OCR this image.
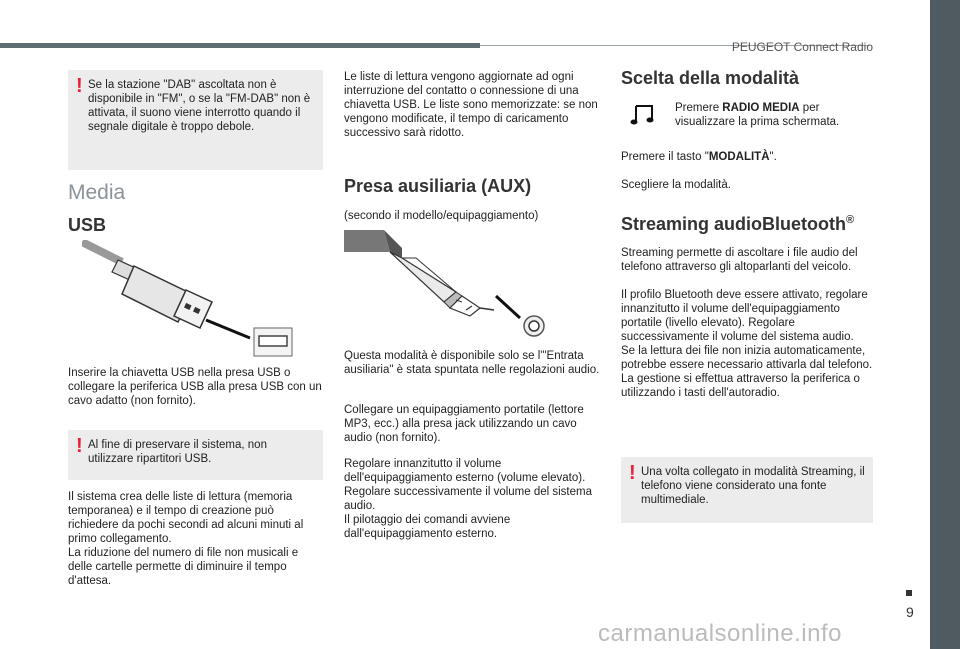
PEUGEOT Connect Radio
! Se la stazione "DAB" ascoltata non è disponibile in "FM", o se la "FM-DAB" non è attivata, il suono viene interrotto quando il segnale digitale è troppo debole.
Media
USB
Inserire la chiavetta USB nella presa USB o collegare la periferica USB alla presa USB con un cavo adatto (non fornito).
! Al fine di preservare il sistema, non utilizzare ripartitori USB.
Il sistema crea delle liste di lettura (memoria temporanea) e il tempo di creazione può richiedere da pochi secondi ad alcuni minuti al primo collegamento.
La riduzione del numero di file non musicali e delle cartelle permette di diminuire il tempo d'attesa.
Le liste di lettura vengono aggiornate ad ogni interruzione del contatto o connessione di una chiavetta USB. Le liste sono memorizzate: se non vengono modificate, il tempo di caricamento successivo sarà ridotto.
Presa ausiliaria (AUX)
(secondo il modello/equipaggiamento)
Questa modalità è disponibile solo se l'"Entrata ausiliaria" è stata spuntata nelle regolazioni audio.
Collegare un equipaggiamento portatile (lettore MP3, ecc.) alla presa jack utilizzando un cavo audio (non fornito).
Regolare innanzitutto il volume dell'equipaggiamento esterno (volume elevato). Regolare successivamente il volume del sistema audio.
Il pilotaggio dei comandi avviene dall'equipaggiamento esterno.
Scelta della modalità
Premere RADIO MEDIA per visualizzare la prima schermata.
Premere il tasto "MODALITÀ".
Scegliere la modalità.
Streaming audioBluetooth®
Streaming permette di ascoltare i file audio del telefono attraverso gli altoparlanti del veicolo.
Il profilo Bluetooth deve essere attivato, regolare innanzitutto il volume dell'equipaggiamento portatile (livello elevato). Regolare successivamente il volume del sistema audio.
Se la lettura dei file non inizia automaticamente, potrebbe essere necessario attivarla dal telefono.
La gestione si effettua attraverso la periferica o utilizzando i tasti dell'autoradio.
! Una volta collegato in modalità Streaming, il telefono viene considerato una fonte multimediale.
9
carmanualsonline.info
